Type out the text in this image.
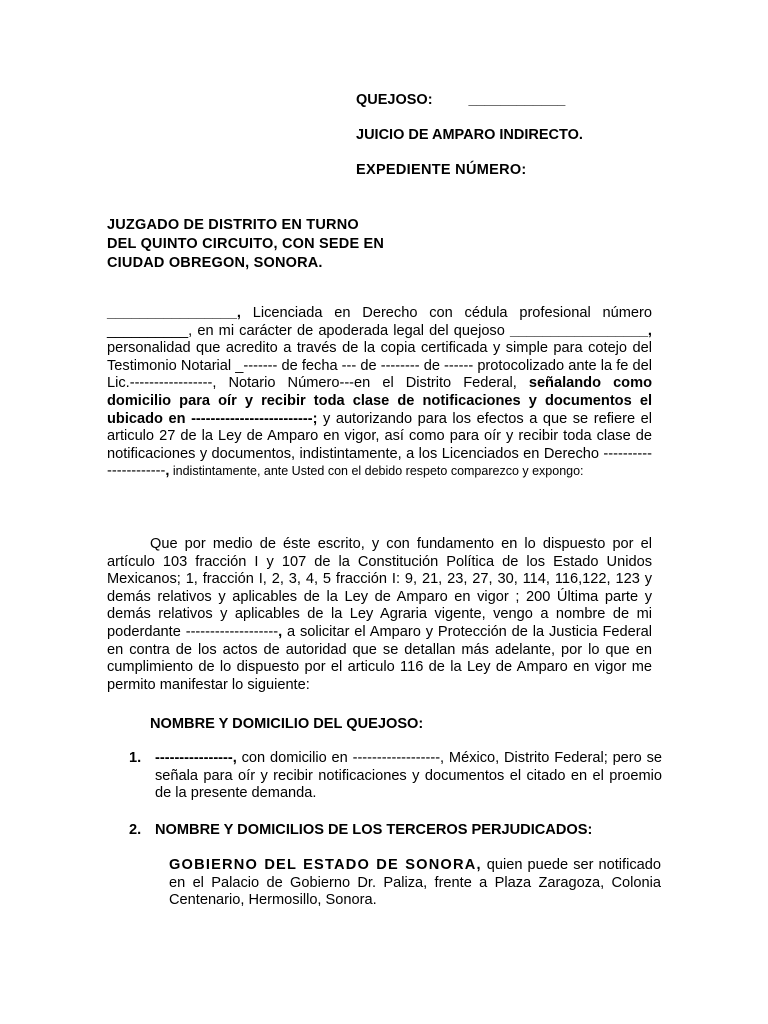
QUEJOSO: ____________
JUICIO DE AMPARO INDIRECTO.
EXPEDIENTE NÚMERO:
JUZGADO DE DISTRITO EN TURNO
DEL QUINTO CIRCUITO, CON SEDE EN
CIUDAD OBREGON, SONORA.
________________, Licenciada en Derecho con cédula profesional número __________, en mi carácter de apoderada legal del quejoso _________________, personalidad que acredito a través de la copia certificada y simple para cotejo del Testimonio Notarial _------- de fecha --- de -------- de ------ protocolizado ante la fe del Lic.-----------------, Notario Número---en el Distrito Federal, señalando como domicilio para oír y recibir toda clase de notificaciones y documentos el ubicado en -------------------------; y autorizando para los efectos a que se refiere el articulo 27 de la Ley de Amparo en vigor, así como para oír y recibir toda clase de notificaciones y documentos, indistintamente, a los Licenciados en Derecho ----------------------, indistintamente, ante Usted con el debido respeto comparezco y expongo:
Que por medio de éste escrito, y con fundamento en lo dispuesto por el artículo 103 fracción I y 107 de la Constitución Política de los Estado Unidos Mexicanos; 1, fracción I, 2, 3, 4, 5 fracción I: 9, 21, 23, 27, 30, 114, 116,122, 123 y demás relativos y aplicables de la Ley de Amparo en vigor ; 200 Última parte y demás relativos y aplicables de la Ley Agraria vigente, vengo a nombre de mi poderdante -------------------, a solicitar el Amparo y Protección de la Justicia Federal en contra de los actos de autoridad que se detallan más adelante, por lo que en cumplimiento de lo dispuesto por el articulo 116 de la Ley de Amparo en vigor me permito manifestar lo siguiente:
NOMBRE Y DOMICILIO DEL QUEJOSO:
1. ----------------, con domicilio en ------------------, México, Distrito Federal; pero se señala para oír y recibir notificaciones y documentos el citado en el proemio de la presente demanda.
2. NOMBRE Y DOMICILIOS DE LOS TERCEROS PERJUDICADOS:
GOBIERNO DEL ESTADO DE SONORA, quien puede ser notificado en el Palacio de Gobierno Dr. Paliza, frente a Plaza Zaragoza, Colonia Centenario, Hermosillo, Sonora.
